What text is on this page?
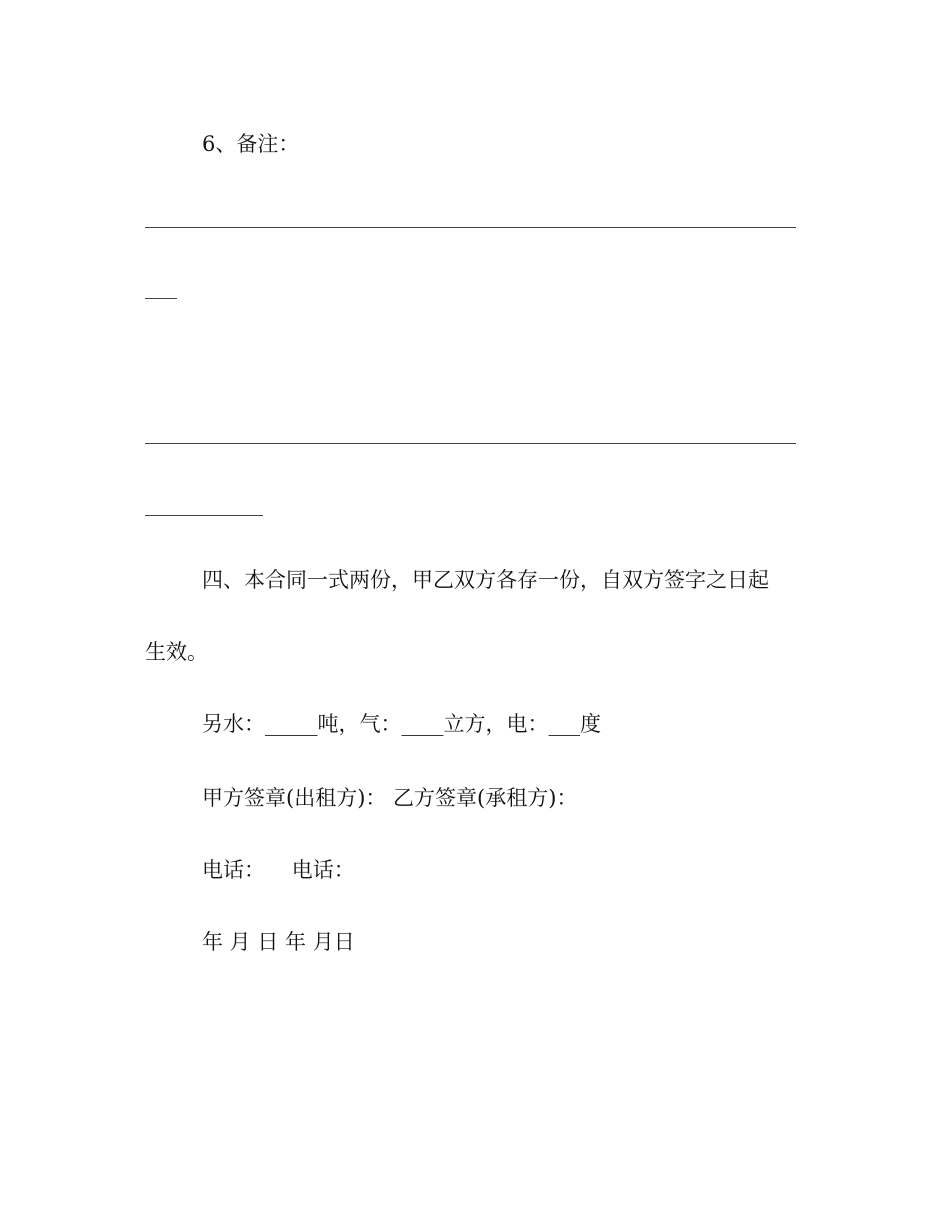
6、备注：
四、本合同一式两份，甲乙双方各存一份，自双方签字之日起
生效。
另水：_____吨，气：____立方，电：___度
甲方签章(出租方)： 乙方签章(承租方)：
电话：    电话：
年 月 日 年 月日
